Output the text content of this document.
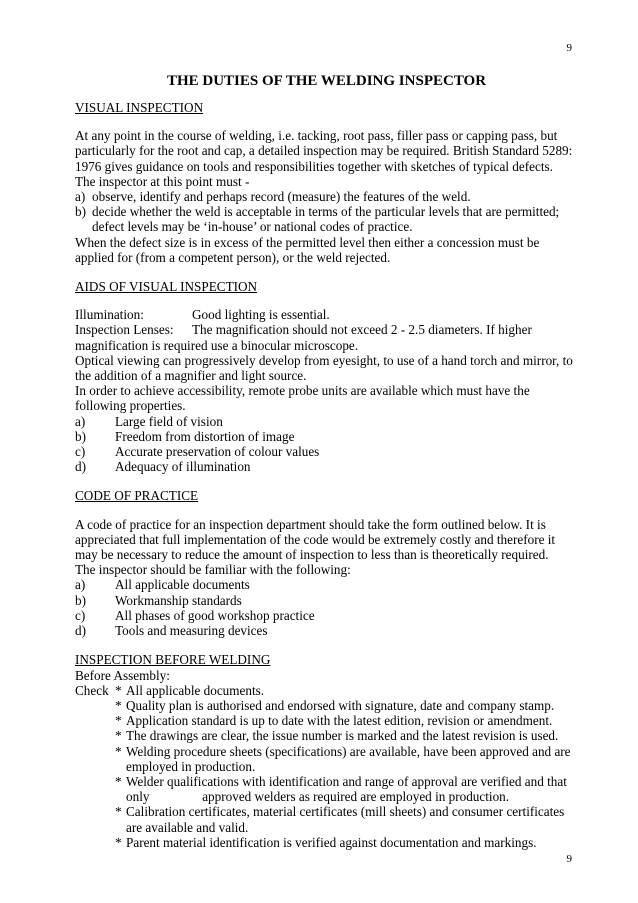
9
THE DUTIES OF THE WELDING INSPECTOR
VISUAL INSPECTION

At any point in the course of welding, i.e. tacking, root pass, filler pass or capping pass, but particularly for the root and cap, a detailed inspection may be required. British Standard 5289: 1976 gives guidance on tools and responsibilities together with sketches of typical defects.

The inspector at this point must -

a) observe, identify and perhaps record (measure) the features of the weld.
b) decide whether the weld is acceptable in terms of the particular levels that are permitted; defect levels may be ‘in-house’ or national codes of practice.

When the defect size is in excess of the permitted level then either a concession must be applied for (from a competent person), or the weld rejected.

AIDS OF VISUAL INSPECTION
Illumination:	Good lighting is essential.

Inspection Lenses: The magnification should not exceed 2 - 2.5 diameters. If higher magnification is required use a binocular microscope.

Optical viewing can progressively develop from eyesight, to use of a hand torch and mirror, to the addition of a magnifier and light source.

In order to achieve accessibility, remote probe units are available which must have the following properties.

a)	Large field of vision
b)	Freedom from distortion of image
c)	Accurate preservation of colour values
d)	Adequacy of illumination
CODE OF PRACTICE

A code of practice for an inspection department should take the form outlined below. It is appreciated that full implementation of the code would be extremely costly and therefore it may be necessary to reduce the amount of inspection to less than is theoretically required.

The inspector should be familiar with the following:

a)	All applicable documents
b)	Workmanship standards
c)	All phases of good workshop practice
d)	Tools and measuring devices
INSPECTION BEFORE WELDING

Before Assembly:

Check * All applicable documents.
* Quality plan is authorised and endorsed with signature, date and company stamp.
* Application standard is up to date with the latest edition, revision or amendment.
* The drawings are clear, the issue number is marked and the latest revision is used.
* Welding procedure sheets (specifications) are available, have been approved and are employed in production.
* Welder qualifications with identification and range of approval are verified and that only                approved welders as required are employed in production.
* Calibration certificates, material certificates (mill sheets) and consumer certificates are available and valid.
* Parent material identification is verified against documentation and markings.
9
